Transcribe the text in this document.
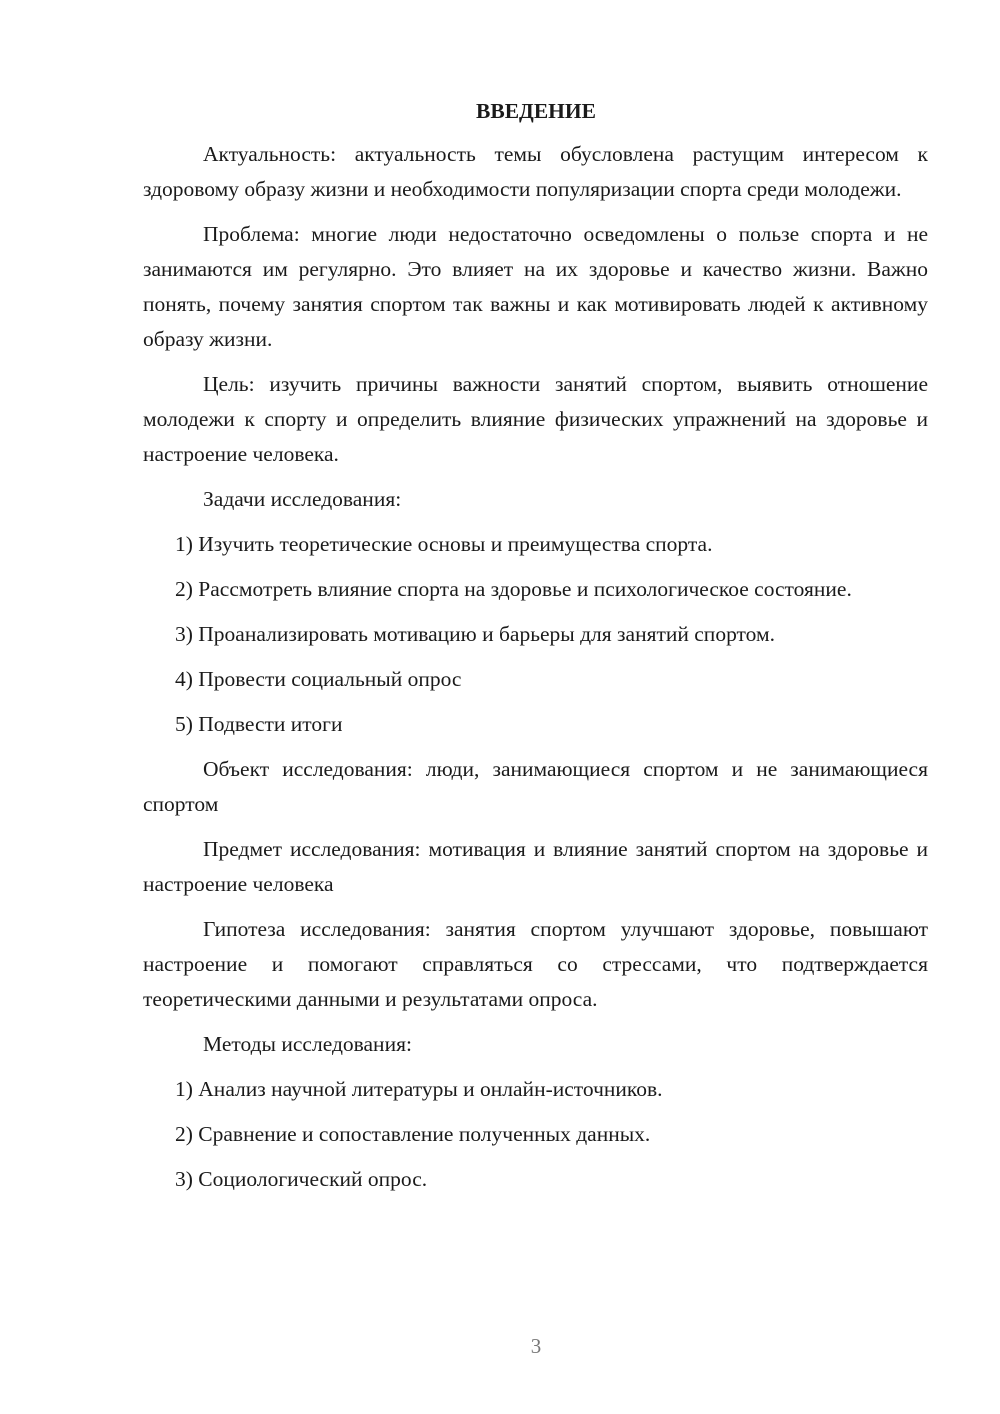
ВВЕДЕНИЕ

Актуальность: актуальность темы обусловлена растущим интересом к здоровому образу жизни и необходимости популяризации спорта среди молодежи.

Проблема: многие люди недостаточно осведомлены о пользе спорта и не занимаются им регулярно. Это влияет на их здоровье и качество жизни. Важно понять, почему занятия спортом так важны и как мотивировать людей к активному образу жизни.

Цель: изучить причины важности занятий спортом, выявить отношение молодежи к спорту и определить влияние физических упражнений на здоровье и настроение человека.

Задачи исследования:

1) Изучить теоретические основы и преимущества спорта.

2) Рассмотреть влияние спорта на здоровье и психологическое состояние.

3) Проанализировать мотивацию и барьеры для занятий спортом.

4) Провести социальный опрос

5) Подвести итоги

Объект исследования: люди, занимающиеся спортом и не занимающиеся спортом

Предмет исследования: мотивация и влияние занятий спортом на здоровье и настроение человека

Гипотеза исследования: занятия спортом улучшают здоровье, повышают настроение и помогают справляться со стрессами, что подтверждается теоретическими данными и результатами опроса.

Методы исследования:

1) Анализ научной литературы и онлайн-источников.

2) Сравнение и сопоставление полученных данных.

3) Социологический опрос.

3
